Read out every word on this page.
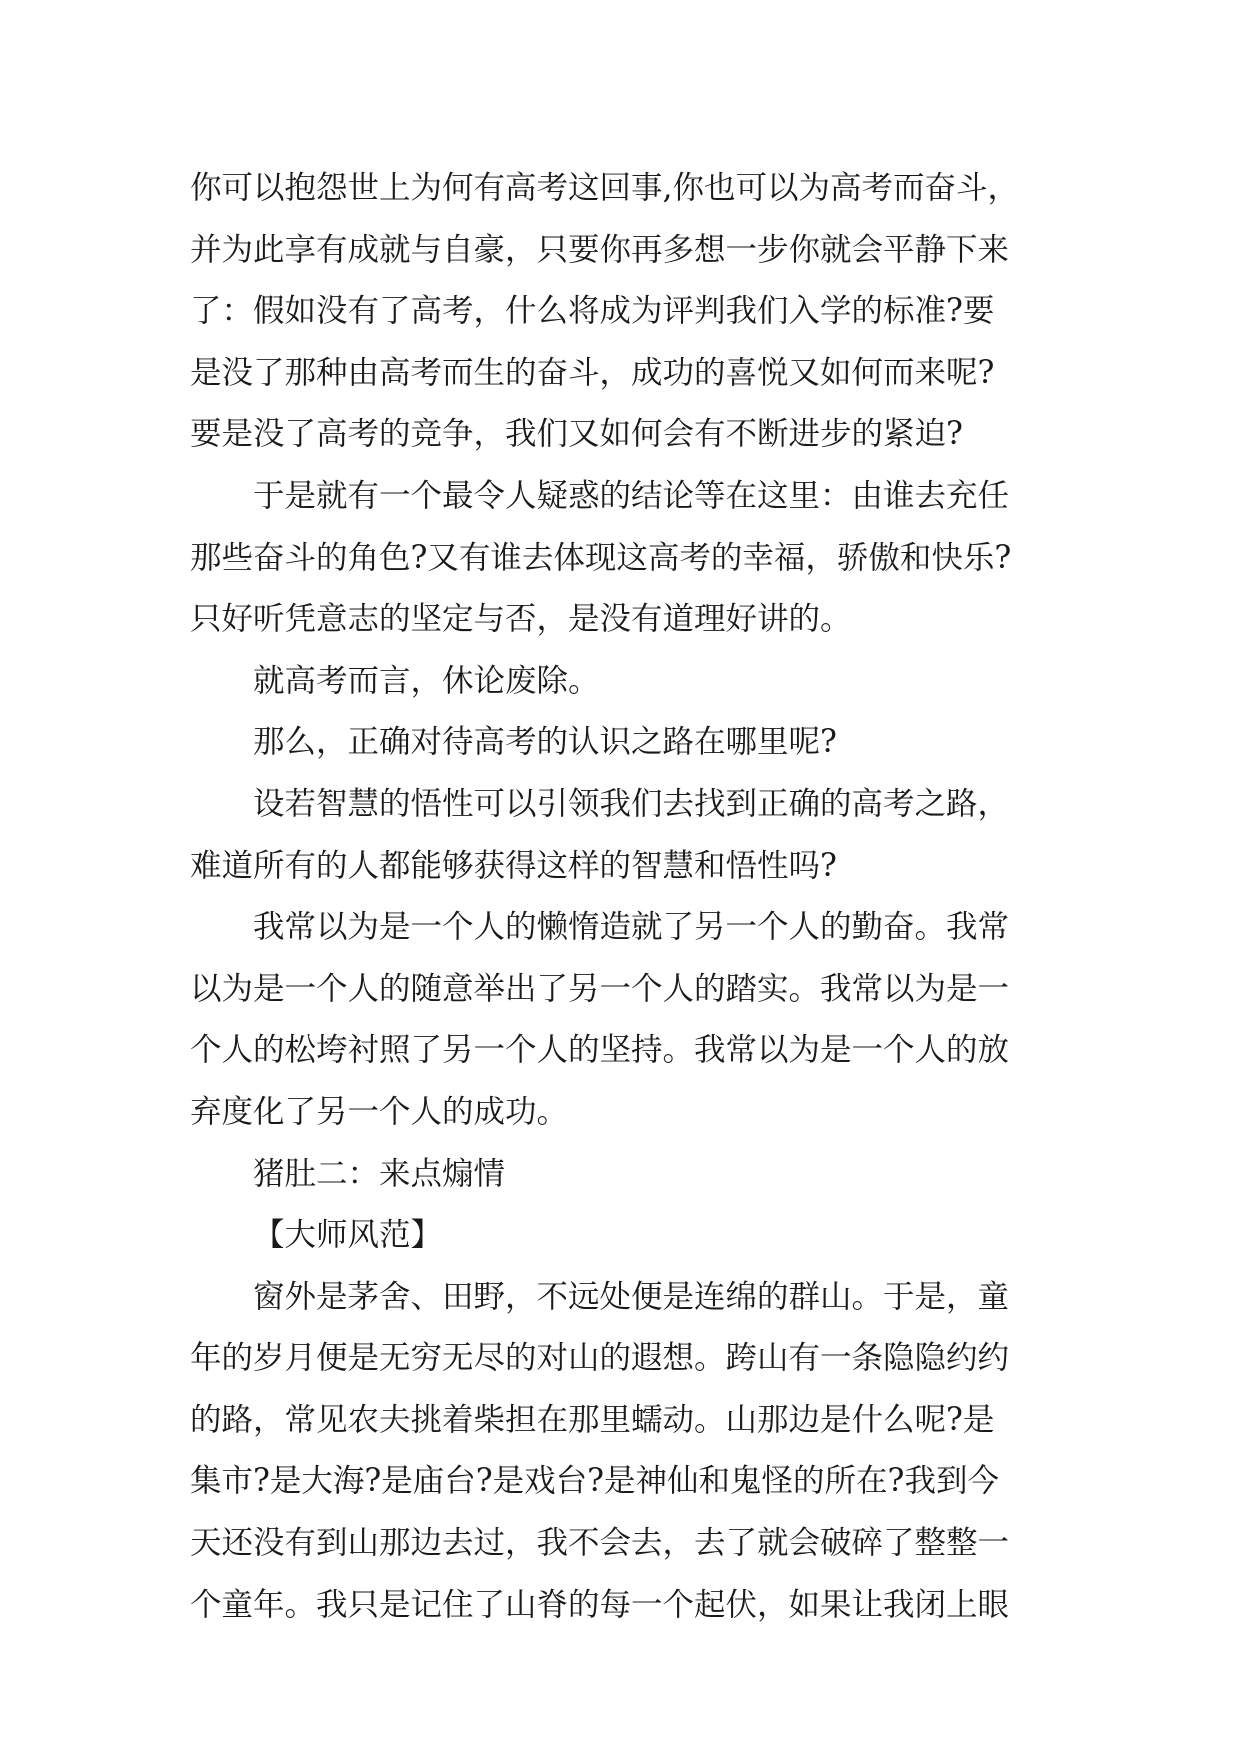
你可以抱怨世上为何有高考这回事,你也可以为高考而奋斗，
并为此享有成就与自豪，只要你再多想一步你就会平静下来
了：假如没有了高考，什么将成为评判我们入学的标准?要
是没了那种由高考而生的奋斗，成功的喜悦又如何而来呢?
要是没了高考的竞争，我们又如何会有不断进步的紧迫?
于是就有一个最令人疑惑的结论等在这里：由谁去充任
那些奋斗的角色?又有谁去体现这高考的幸福，骄傲和快乐?
只好听凭意志的坚定与否，是没有道理好讲的。
就高考而言，休论废除。
那么，正确对待高考的认识之路在哪里呢?
设若智慧的悟性可以引领我们去找到正确的高考之路，
难道所有的人都能够获得这样的智慧和悟性吗?
我常以为是一个人的懒惰造就了另一个人的勤奋。我常
以为是一个人的随意举出了另一个人的踏实。我常以为是一
个人的松垮衬照了另一个人的坚持。我常以为是一个人的放
弃度化了另一个人的成功。
猪肚二：来点煽情
【大师风范】
窗外是茅舍、田野，不远处便是连绵的群山。于是，童
年的岁月便是无穷无尽的对山的遐想。跨山有一条隐隐约约
的路，常见农夫挑着柴担在那里蠕动。山那边是什么呢?是
集市?是大海?是庙台?是戏台?是神仙和鬼怪的所在?我到今
天还没有到山那边去过，我不会去，去了就会破碎了整整一
个童年。我只是记住了山脊的每一个起伏，如果让我闭上眼
